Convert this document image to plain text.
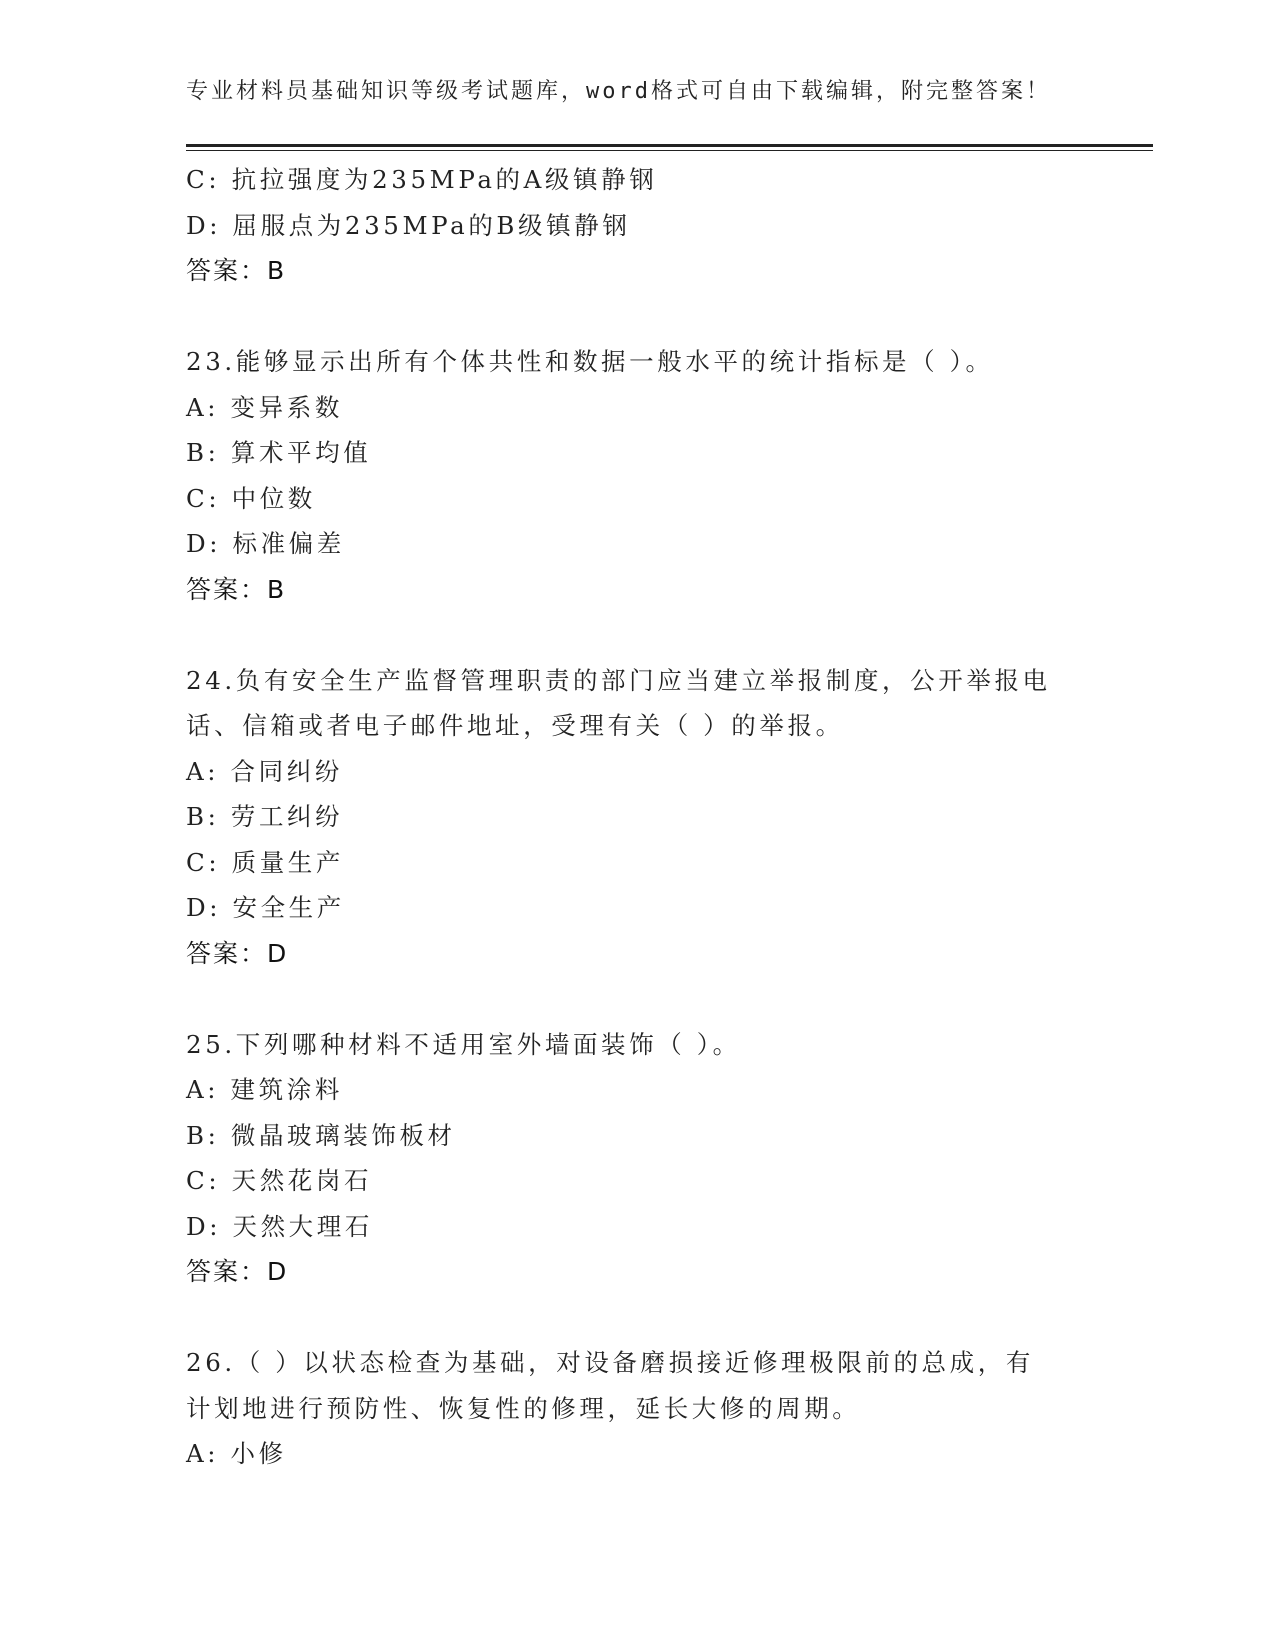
专业材料员基础知识等级考试题库，word格式可自由下载编辑，附完整答案！
C: 抗拉强度为235MPa的A级镇静钢
D: 屈服点为235MPa的B级镇静钢
答案：B
23.能够显示出所有个体共性和数据一般水平的统计指标是（ ）。
A: 变异系数
B: 算术平均值
C: 中位数
D: 标准偏差
答案：B
24.负有安全生产监督管理职责的部门应当建立举报制度，公开举报电
话、信箱或者电子邮件地址，受理有关（ ）的举报。
A: 合同纠纷
B: 劳工纠纷
C: 质量生产
D: 安全生产
答案：D
25.下列哪种材料不适用室外墙面装饰（ ）。
A: 建筑涂料
B: 微晶玻璃装饰板材
C: 天然花岗石
D: 天然大理石
答案：D
26.（ ）以状态检查为基础，对设备磨损接近修理极限前的总成，有
计划地进行预防性、恢复性的修理，延长大修的周期。
A: 小修
